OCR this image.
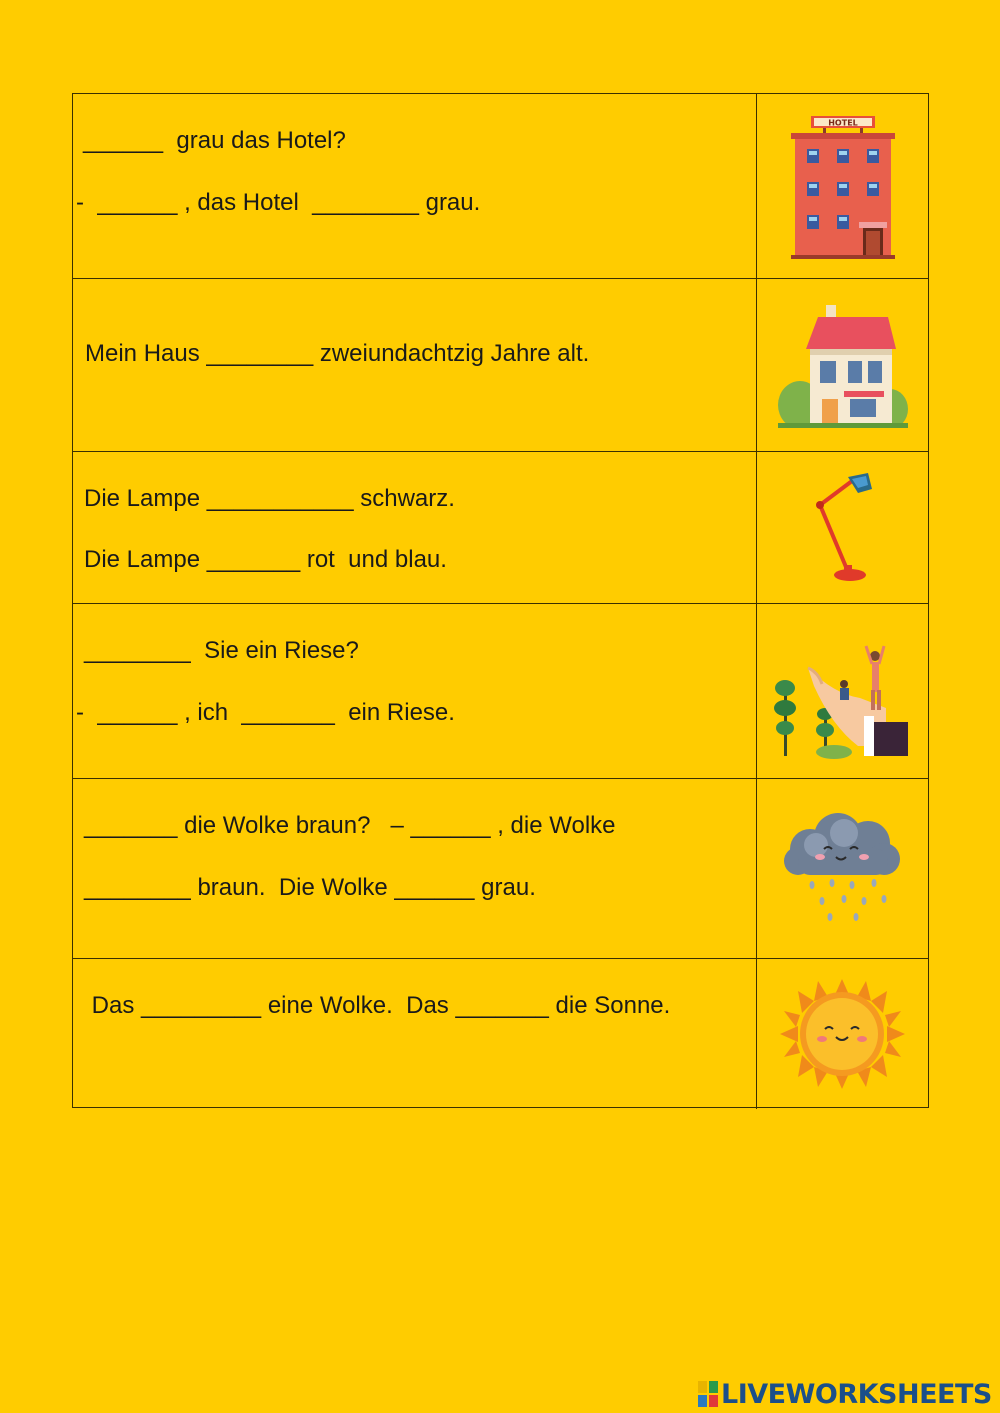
______  grau das Hotel?
-  ______ , das Hotel  ________ grau.
HOTEL
Mein Haus ________ zweiundachtzig Jahre alt.
Die Lampe ___________ schwarz.
Die Lampe _______ rot  und blau.
________  Sie ein Riese?
-  ______ , ich  _______  ein Riese.
_______ die Wolke braun?   – ______ , die Wolke
________ braun.  Die Wolke ______ grau.
Das _________ eine Wolke.  Das _______ die Sonne.
LIVEWORKSHEETS
